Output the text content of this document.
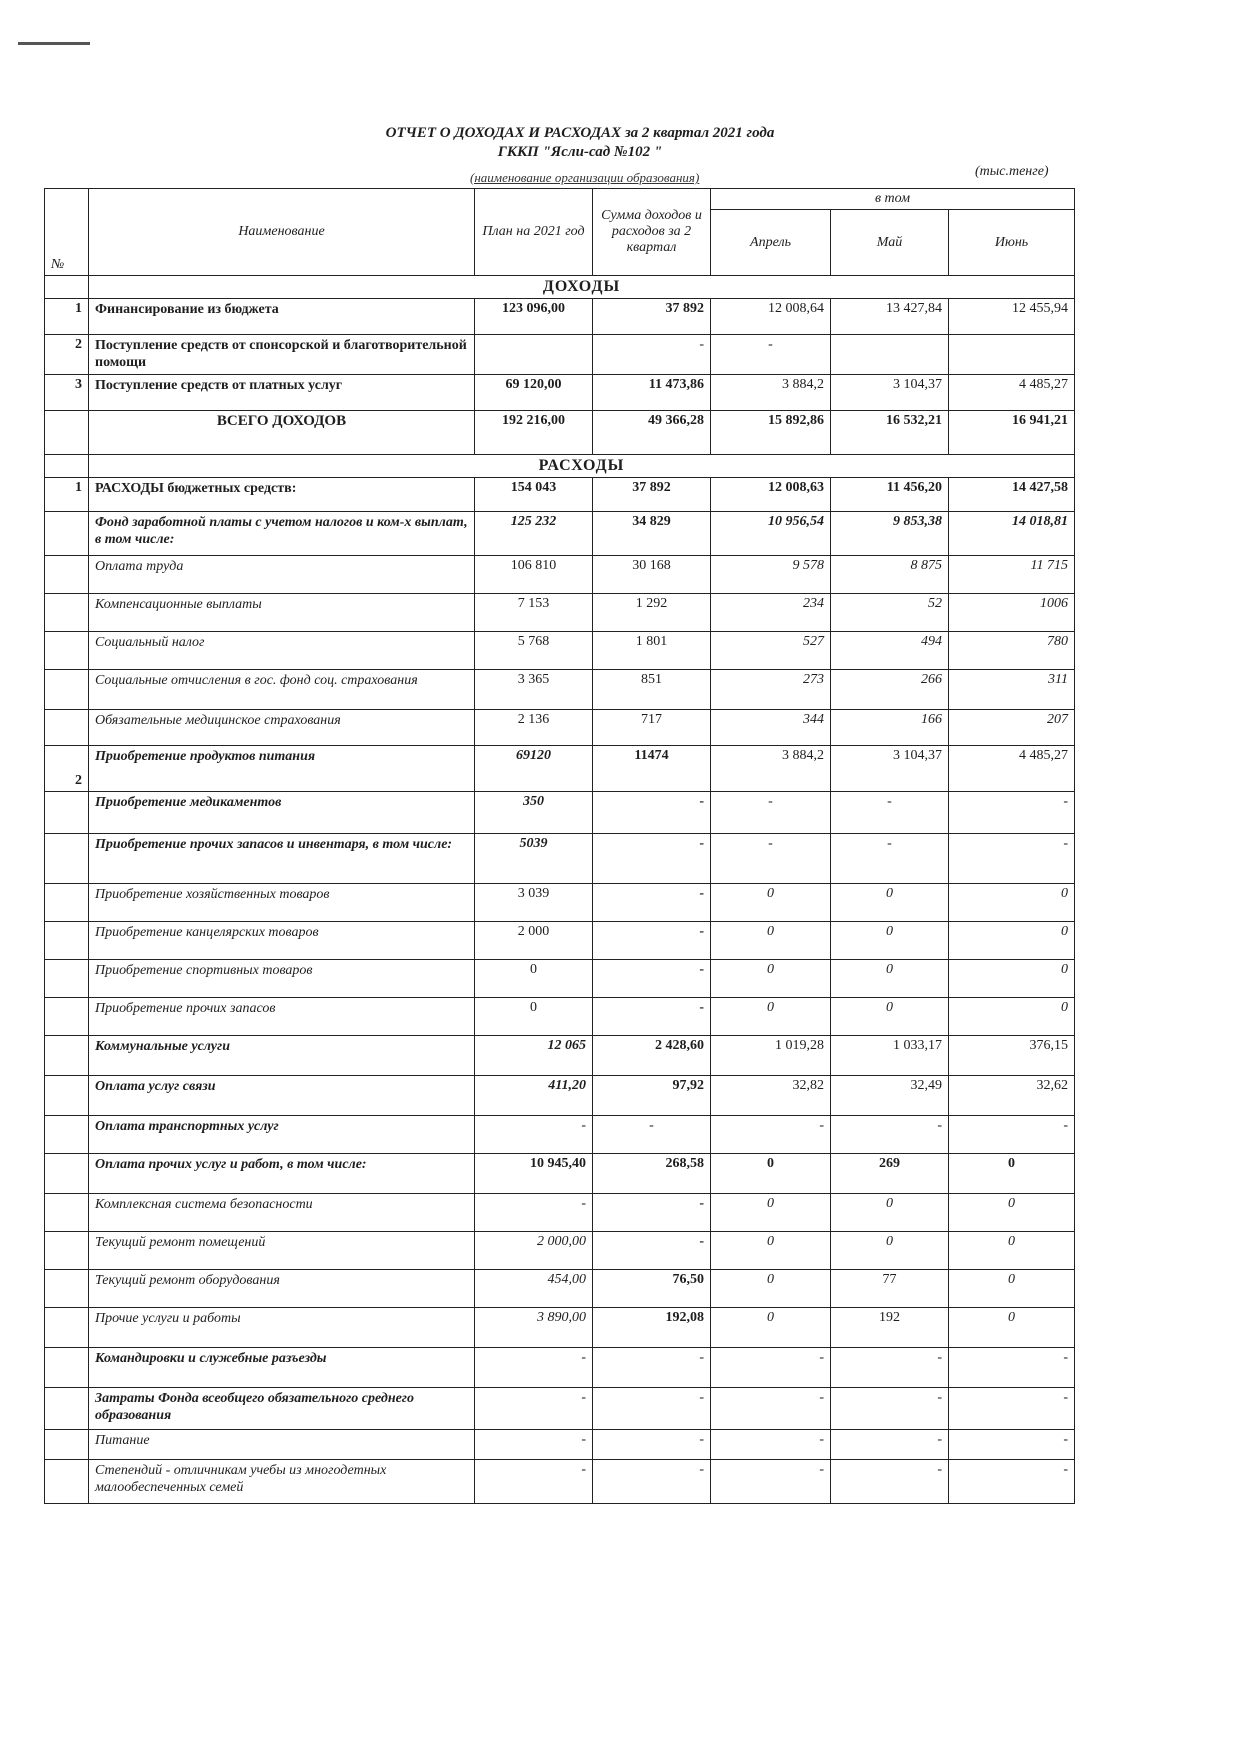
ОТЧЕТ О ДОХОДАХ И РАСХОДАХ за 2 квартал 2021 года
ГККП "Ясли-сад №102 "
(наименование организации образования)	(тыс.тенге)
№	Наименование	План на 2021 год	Сумма доходов и расходов за 2 квартал	в том		
				Апрель	Май	Июнь
	ДОХОДЫ					
1	Финансирование из бюджета	123 096,00	37 892	12 008,64	13 427,84	12 455,94
2	Поступление средств от спонсорской и благотворительной помощи		-	-		
3	Поступление средств от платных услуг	69 120,00	11 473,86	3 884,2	3 104,37	4 485,27
	ВСЕГО ДОХОДОВ	192 216,00	49 366,28	15 892,86	16 532,21	16 941,21
	РАСХОДЫ					
1	РАСХОДЫ бюджетных средств:	154 043	37 892	12 008,63	11 456,20	14 427,58
	Фонд заработной платы с учетом налогов и ком-х выплат, в том числе:	125 232	34 829	10 956,54	9 853,38	14 018,81
	Оплата труда	106 810	30 168	9 578	8 875	11 715
	Компенсационные выплаты	7 153	1 292	234	52	1006
	Социальный налог	5 768	1 801	527	494	780
	Социальные отчисления в гос. фонд соц. страхования	3 365	851	273	266	311
	Обязательные медицинское страхования	2 136	717	344	166	207
2	Приобретение продуктов питания	69120	11474	3 884,2	3 104,37	4 485,27
	Приобретение медикаментов	350	-	-	-	-
	Приобретение прочих запасов и инвентаря, в том числе:	5039	-	-	-	-
	Приобретение хозяйственных товаров	3 039	-	0	0	0
	Приобретение канцелярских товаров	2 000	-	0	0	0
	Приобретение спортивных товаров	0	-	0	0	0
	Приобретение прочих запасов	0	-	0	0	0
	Коммунальные услуги	12 065	2 428,60	1 019,28	1 033,17	376,15
	Оплата услуг связи	411,20	97,92	32,82	32,49	32,62
	Оплата транспортных услуг	-	-	-	-	-
	Оплата прочих услуг и работ, в том числе:	10 945,40	268,58	0	269	0
	Комплексная система безопасности	-	-	0	0	0
	Текущий ремонт помещений	2 000,00	-	0	0	0
	Текущий ремонт оборудования	454,00	76,50	0	77	0
	Прочие услуги и работы	3 890,00	192,08	0	192	0
	Командировки и служебные разъезды	-	-	-	-	-
	Затраты Фонда всеобщего обязательного среднего образования	-	-	-	-	-
	Питание	-	-	-	-	-
	Степендий - отличникам учебы из многодетных малообеспеченных семей	-	-	-	-	-
